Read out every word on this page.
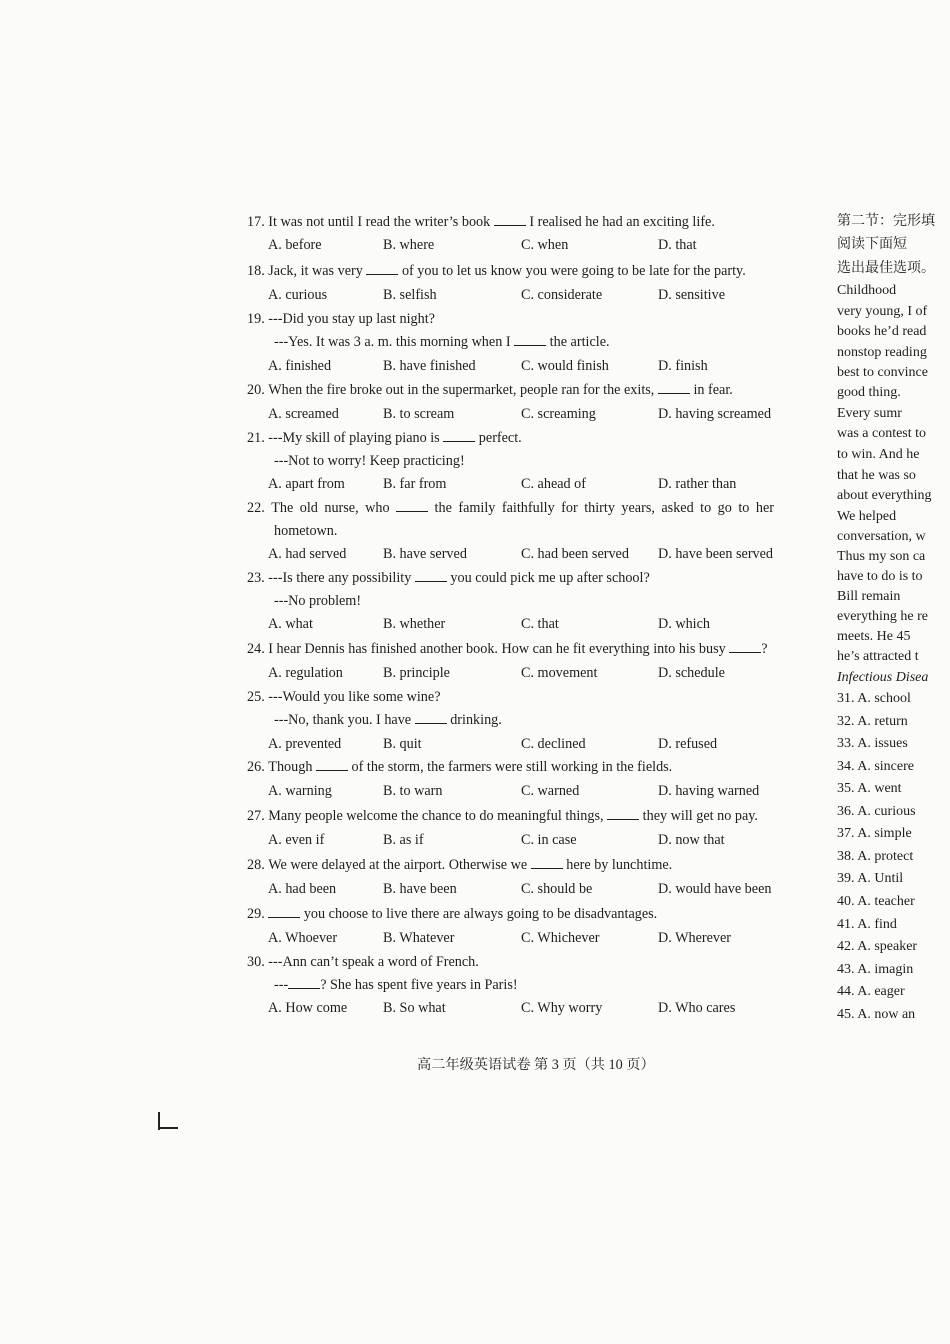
17. It was not until I read the writer’s book  I realised he had an exciting life.
A. before	B. where	C. when	D. that
18. Jack, it was very  of you to let us know you were going to be late for the party.
A. curious	B. selfish	C. considerate	D. sensitive
19. ---Did you stay up last night?
---Yes. It was 3 a. m. this morning when I  the article.
A. finished	B. have finished	C. would finish	D. finish
20. When the fire broke out in the supermarket, people ran for the exits,  in fear.
A. screamed	B. to scream	C. screaming	D. having screamed
21. ---My skill of playing piano is  perfect.
---Not to worry! Keep practicing!
A. apart from	B. far from	C. ahead of	D. rather than
22. The old nurse, who  the family faithfully for thirty years, asked to go to her
hometown.
A. had served	B. have served	C. had been served D. have been served
23. ---Is there any possibility  you could pick me up after school?
---No problem!
A. what	B. whether	C. that	D. which
24. I hear Dennis has finished another book. How can he fit everything into his busy ?
A. regulation	B. principle	C. movement	D. schedule
25. ---Would you like some wine?
---No, thank you. I have  drinking.
A. prevented	B. quit	C. declined	D. refused
26. Though  of the storm, the farmers were still working in the fields.
A. warning	B. to warn	C. warned	D. having warned
27. Many people welcome the chance to do meaningful things,  they will get no pay.
A. even if	B. as if	C. in case	D. now that
28. We were delayed at the airport. Otherwise we  here by lunchtime.
A. had been	B. have been	C. should be	D. would have been
29.	you choose to live there are always going to be disadvantages.
A. Whoever	B. Whatever	C. Whichever	D. Wherever
30. ---Ann can’t speak a word of French.
--- ? She has spent five years in Paris!
A. How come	B. So what	C. Why worry	D. Who cares
高二年级英语试卷 第 3 页（共 10 页）
第二节：完形填
阅读下面短
选出最佳选项。
Childhood
very young, I of
books he’d read
nonstop reading
best to convince
good thing.
Every sumr
was a contest to
to win. And he
that he was so
about everything
We helped
conversation, w
Thus my son ca
have to do is to
Bill remain
everything he re
meets. He 45
he’s attracted t
Infectious Disea
31. A. school
32. A. return
33. A. issues
34. A. sincere
35. A. went
36. A. curious
37. A. simple
38. A. protect
39. A. Until
40. A. teacher
41. A. find
42. A. speaker
43. A. imagin
44. A. eager
45. A. now an
